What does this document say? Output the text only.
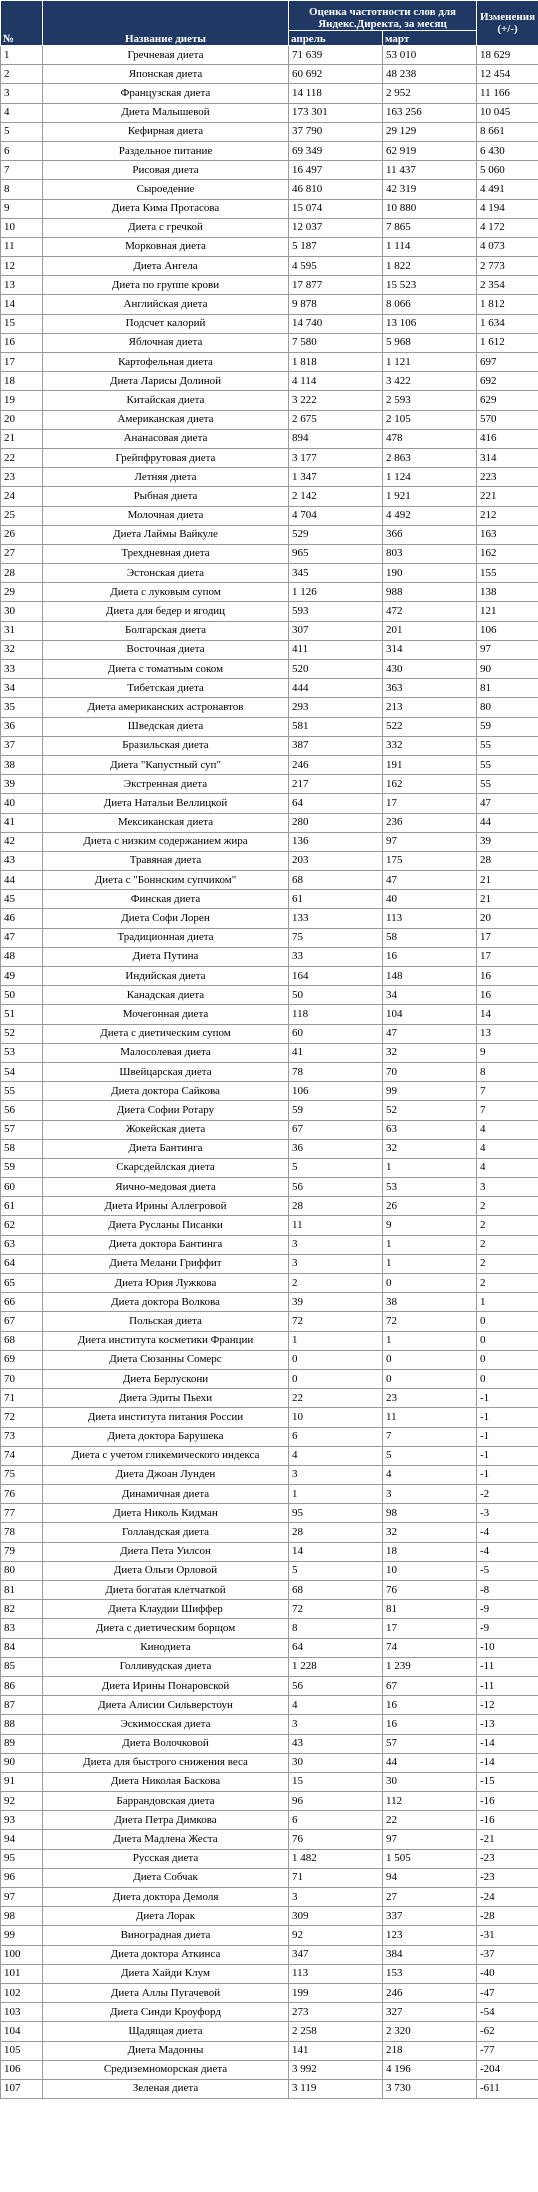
№	Название диеты	Оценка частотности слов для Яндекс.Директа, за месяц		Изменения (+/-)
		апрель	март	
1	Гречневая диета	71 639	53 010	18 629
2	Японская диета	60 692	48 238	12 454
3	Французская диета	14 118	2 952	11 166
4	Диета Малышевой	173 301	163 256	10 045
5	Кефирная диета	37 790	29 129	8 661
6	Раздельное питание	69 349	62 919	6 430
7	Рисовая диета	16 497	11 437	5 060
8	Сыроедение	46 810	42 319	4 491
9	Диета Кима Протасова	15 074	10 880	4 194
10	Диета с гречкой	12 037	7 865	4 172
11	Морковная диета	5 187	1 114	4 073
12	Диета Ангела	4 595	1 822	2 773
13	Диета по группе крови	17 877	15 523	2 354
14	Английская диета	9 878	8 066	1 812
15	Подсчет калорий	14 740	13 106	1 634
16	Яблочная диета	7 580	5 968	1 612
17	Картофельная диета	1 818	1 121	697
18	Диета Ларисы Долиной	4 114	3 422	692
19	Китайская диета	3 222	2 593	629
20	Американская диета	2 675	2 105	570
21	Ананасовая диета	894	478	416
22	Грейпфрутовая диета	3 177	2 863	314
23	Летняя диета	1 347	1 124	223
24	Рыбная диета	2 142	1 921	221
25	Молочная диета	4 704	4 492	212
26	Диета Лаймы Вайкуле	529	366	163
27	Трехдневная диета	965	803	162
28	Эстонская диета	345	190	155
29	Диета с луковым супом	1 126	988	138
30	Диета для бедер и ягодиц	593	472	121
31	Болгарская диета	307	201	106
32	Восточная диета	411	314	97
33	Диета с томатным соком	520	430	90
34	Тибетская диета	444	363	81
35	Диета американских астронавтов	293	213	80
36	Шведская диета	581	522	59
37	Бразильская диета	387	332	55
38	Диета "Капустный суп"	246	191	55
39	Экстренная диета	217	162	55
40	Диета Натальи Веллицкой	64	17	47
41	Мексиканская диета	280	236	44
42	Диета с низким содержанием жира	136	97	39
43	Травяная диета	203	175	28
44	Диета с "Боннским супчиком"	68	47	21
45	Финская диета	61	40	21
46	Диета Софи Лорен	133	113	20
47	Традиционная диета	75	58	17
48	Диета Путина	33	16	17
49	Индийская диета	164	148	16
50	Канадская диета	50	34	16
51	Мочегонная диета	118	104	14
52	Диета с диетическим супом	60	47	13
53	Малосолевая диета	41	32	9
54	Швейцарская диета	78	70	8
55	Диета доктора Сайкова	106	99	7
56	Диета Софии Ротару	59	52	7
57	Жокейская диета	67	63	4
58	Диета Бантинга	36	32	4
59	Скарсдейлская диета	5	1	4
60	Яично-медовая диета	56	53	3
61	Диета Ирины Аллегровой	28	26	2
62	Диета Русланы Писанки	11	9	2
63	Диета доктора Бантинга	3	1	2
64	Диета Мелани Гриффит	3	1	2
65	Диета Юрия Лужкова	2	0	2
66	Диета доктора Волкова	39	38	1
67	Польская диета	72	72	0
68	Диета института косметики Франции	1	1	0
69	Диета Сюзанны Сомерс	0	0	0
70	Диета Берлускони	0	0	0
71	Диета Эдиты Пьехи	22	23	-1
72	Диета института питания России	10	11	-1
73	Диета доктора Барушека	6	7	-1
74	Диета с учетом гликемического индекса	4	5	-1
75	Диета Джоан Лунден	3	4	-1
76	Динамичная диета	1	3	-2
77	Диета Николь Кидман	95	98	-3
78	Голландская диета	28	32	-4
79	Диета Пета Уилсон	14	18	-4
80	Диета Ольги Орловой	5	10	-5
81	Диета богатая клетчаткой	68	76	-8
82	Диета Клаудии Шиффер	72	81	-9
83	Диета с диетическим борщом	8	17	-9
84	Кинодиета	64	74	-10
85	Голливудская диета	1 228	1 239	-11
86	Диета Ирины Понаровской	56	67	-11
87	Диета Алисии Сильверстоун	4	16	-12
88	Эскимосская диета	3	16	-13
89	Диета Волочковой	43	57	-14
90	Диета для быстрого снижения веса	30	44	-14
91	Диета Николая Баскова	15	30	-15
92	Баррандовская диета	96	112	-16
93	Диета Петра Димкова	6	22	-16
94	Диета Мадлена Жеста	76	97	-21
95	Русская диета	1 482	1 505	-23
96	Диета Собчак	71	94	-23
97	Диета доктора Демоля	3	27	-24
98	Диета Лорак	309	337	-28
99	Виноградная диета	92	123	-31
100	Диета доктора Аткинса	347	384	-37
101	Диета Хайди Клум	113	153	-40
102	Диета Аллы Пугачевой	199	246	-47
103	Диета Синди Кроуфорд	273	327	-54
104	Щадящая диета	2 258	2 320	-62
105	Диета Мадонны	141	218	-77
106	Средиземноморская диета	3 992	4 196	-204
107	Зеленая диета	3 119	3 730	-611
